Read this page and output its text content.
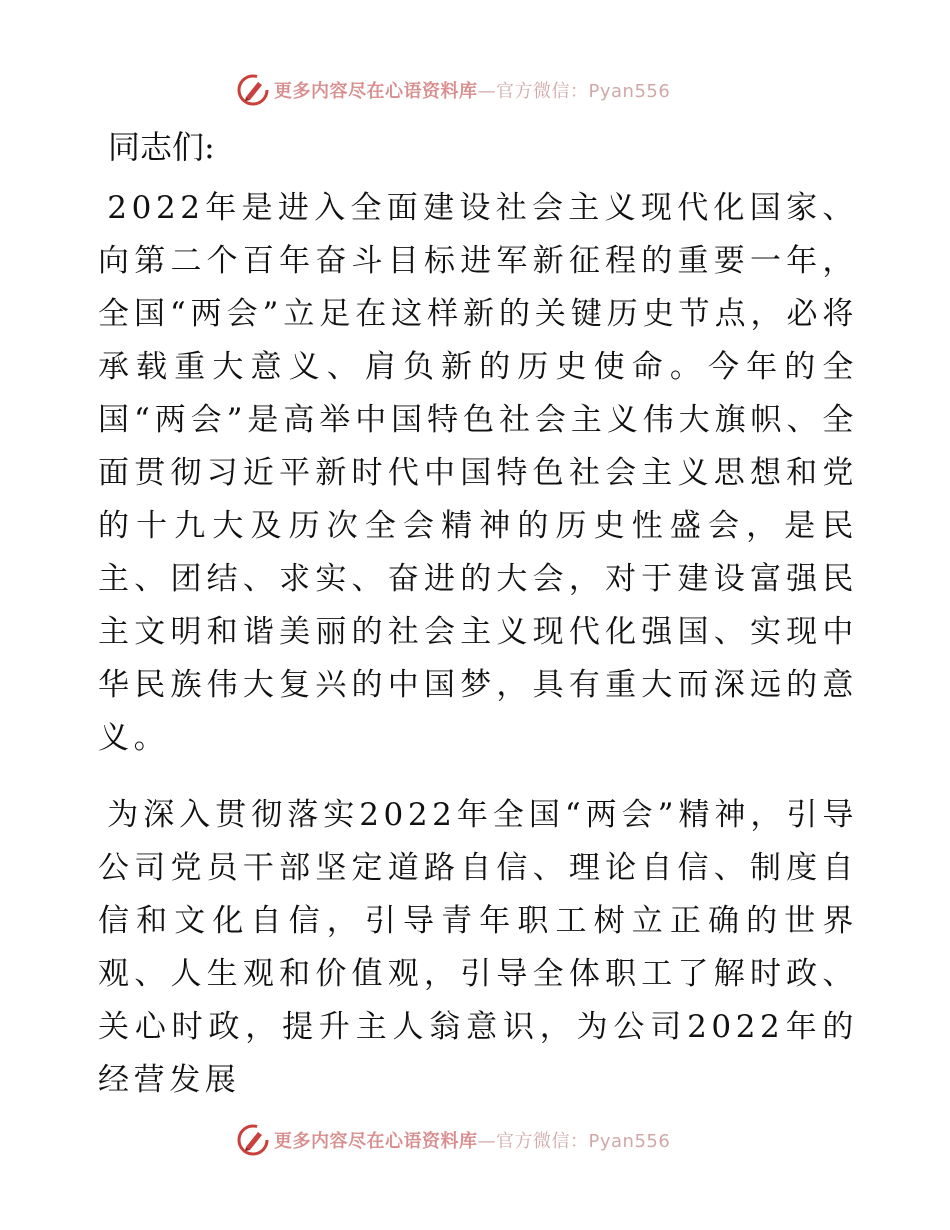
更多内容尽在心语资料库—官方微信：Pyan556
同志们:

2022年是进入全面建设社会主义现代化国家、向第二个百年奋斗目标进军新征程的重要一年，全国“两会”立足在这样新的关键历史节点，必将承载重大意义、肩负新的历史使命。今年的全国“两会”是高举中国特色社会主义伟大旗帜、全面贯彻习近平新时代中国特色社会主义思想和党的十九大及历次全会精神的历史性盛会，是民主、团结、求实、奋进的大会，对于建设富强民主文明和谐美丽的社会主义现代化强国、实现中华民族伟大复兴的中国梦，具有重大而深远的意义。

为深入贯彻落实2022年全国“两会”精神，引导公司党员干部坚定道路自信、理论自信、制度自信和文化自信，引导青年职工树立正确的世界观、人生观和价值观，引导全体职工了解时政、关心时政，提升主人翁意识，为公司2022年的经营发展

更多内容尽在心语资料库—官方微信：Pyan556
